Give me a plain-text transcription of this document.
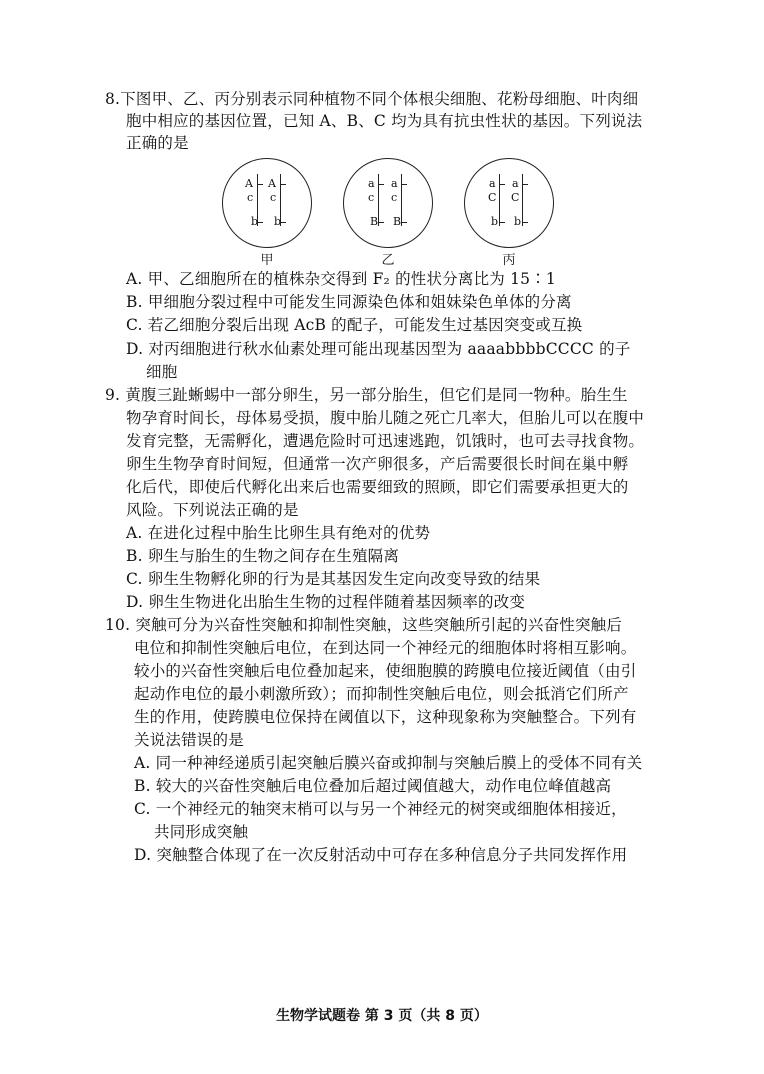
8.下图甲、乙、丙分别表示同种植物不同个体根尖细胞、花粉母细胞、叶肉细
胞中相应的基因位置，已知 A、B、C 均为具有抗虫性状的基因。下列说法
正确的是
A A
c c
b b
甲
a a
c c
B B
乙
a a
C C
b b
丙
A. 甲、乙细胞所在的植株杂交得到 F₂ 的性状分离比为 15∶1
B. 甲细胞分裂过程中可能发生同源染色体和姐妹染色单体的分离
C. 若乙细胞分裂后出现 AcB 的配子，可能发生过基因突变或互换
D. 对丙细胞进行秋水仙素处理可能出现基因型为 aaaabbbbCCCC 的子
细胞
9. 黄腹三趾蜥蜴中一部分卵生，另一部分胎生，但它们是同一物种。胎生生
物孕育时间长，母体易受损，腹中胎儿随之死亡几率大，但胎儿可以在腹中
发育完整，无需孵化，遭遇危险时可迅速逃跑，饥饿时，也可去寻找食物。
卵生生物孕育时间短，但通常一次产卵很多，产后需要很长时间在巢中孵
化后代，即使后代孵化出来后也需要细致的照顾，即它们需要承担更大的
风险。下列说法正确的是
A. 在进化过程中胎生比卵生具有绝对的优势
B. 卵生与胎生的生物之间存在生殖隔离
C. 卵生生物孵化卵的行为是其基因发生定向改变导致的结果
D. 卵生生物进化出胎生生物的过程伴随着基因频率的改变
10. 突触可分为兴奋性突触和抑制性突触，这些突触所引起的兴奋性突触后
电位和抑制性突触后电位，在到达同一个神经元的细胞体时将相互影响。
较小的兴奋性突触后电位叠加起来，使细胞膜的跨膜电位接近阈值（由引
起动作电位的最小刺激所致）；而抑制性突触后电位，则会抵消它们所产
生的作用，使跨膜电位保持在阈值以下，这种现象称为突触整合。下列有
关说法错误的是
A. 同一种神经递质引起突触后膜兴奋或抑制与突触后膜上的受体不同有关
B. 较大的兴奋性突触后电位叠加后超过阈值越大，动作电位峰值越高
C. 一个神经元的轴突末梢可以与另一个神经元的树突或细胞体相接近，
共同形成突触
D. 突触整合体现了在一次反射活动中可存在多种信息分子共同发挥作用
生物学试题卷 第 3 页（共 8 页）
